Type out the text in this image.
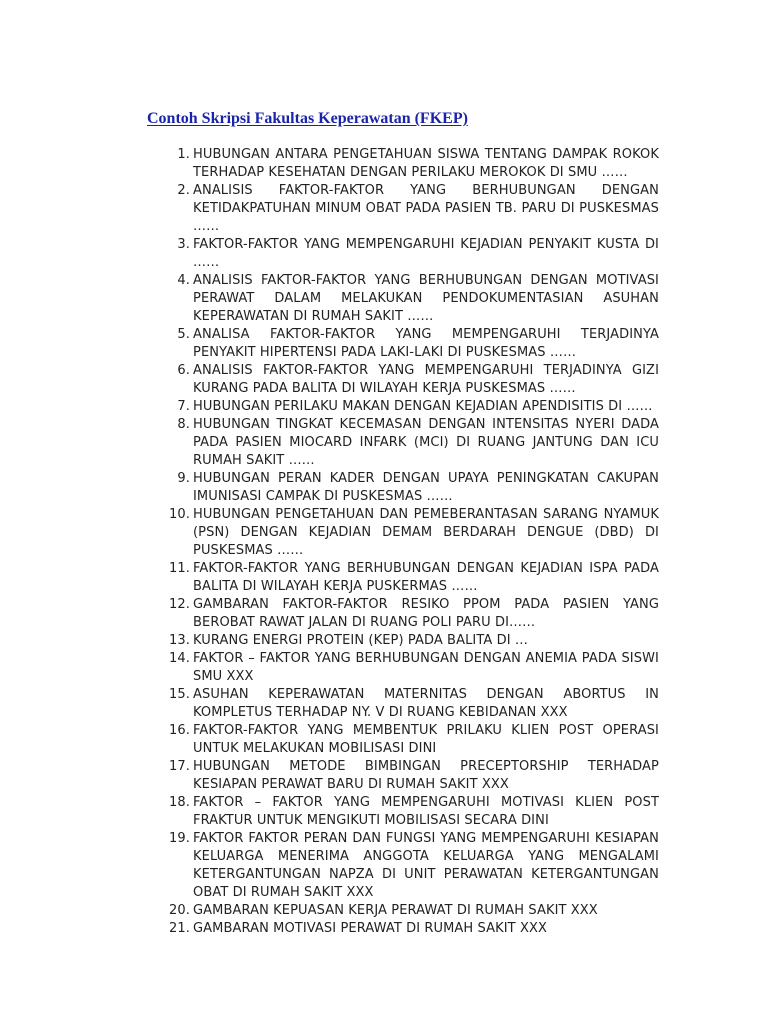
Contoh Skripsi Fakultas Keperawatan (FKEP)
1. HUBUNGAN ANTARA PENGETAHUAN SISWA TENTANG DAMPAK ROKOK TERHADAP KESEHATAN DENGAN PERILAKU MEROKOK DI SMU ……
2. ANALISIS FAKTOR-FAKTOR YANG BERHUBUNGAN DENGAN KETIDAKPATUHAN MINUM OBAT PADA PASIEN TB. PARU DI PUSKESMAS ……
3. FAKTOR-FAKTOR YANG MEMPENGARUHI KEJADIAN PENYAKIT KUSTA DI ……
4. ANALISIS FAKTOR-FAKTOR YANG BERHUBUNGAN DENGAN MOTIVASI PERAWAT DALAM MELAKUKAN PENDOKUMENTASIAN ASUHAN KEPERAWATAN DI RUMAH SAKIT ……
5. ANALISA FAKTOR-FAKTOR YANG MEMPENGARUHI TERJADINYA PENYAKIT HIPERTENSI PADA LAKI-LAKI DI PUSKESMAS ……
6. ANALISIS FAKTOR-FAKTOR YANG MEMPENGARUHI TERJADINYA GIZI KURANG PADA BALITA DI WILAYAH KERJA PUSKESMAS ……
7. HUBUNGAN PERILAKU MAKAN DENGAN KEJADIAN APENDISITIS DI ……
8. HUBUNGAN TINGKAT KECEMASAN DENGAN INTENSITAS NYERI DADA PADA PASIEN MIOCARD INFARK (MCI) DI RUANG JANTUNG DAN ICU RUMAH SAKIT ……
9. HUBUNGAN PERAN KADER DENGAN UPAYA PENINGKATAN CAKUPAN IMUNISASI CAMPAK DI PUSKESMAS ……
10. HUBUNGAN PENGETAHUAN DAN PEMEBERANTASAN SARANG NYAMUK (PSN) DENGAN KEJADIAN DEMAM BERDARAH DENGUE (DBD) DI PUSKESMAS ……
11. FAKTOR-FAKTOR YANG BERHUBUNGAN DENGAN KEJADIAN ISPA PADA BALITA DI WILAYAH KERJA PUSKERMAS ……
12. GAMBARAN FAKTOR-FAKTOR RESIKO PPOM PADA PASIEN YANG BEROBAT RAWAT JALAN DI RUANG POLI PARU DI……
13. KURANG ENERGI PROTEIN (KEP) PADA BALITA DI …
14. FAKTOR – FAKTOR YANG BERHUBUNGAN DENGAN ANEMIA PADA SISWI SMU XXX
15. ASUHAN KEPERAWATAN MATERNITAS DENGAN ABORTUS IN KOMPLETUS TERHADAP NY. V DI RUANG KEBIDANAN XXX
16. FAKTOR-FAKTOR YANG MEMBENTUK PRILAKU KLIEN POST OPERASI UNTUK MELAKUKAN MOBILISASI DINI
17. HUBUNGAN METODE BIMBINGAN PRECEPTORSHIP TERHADAP KESIAPAN PERAWAT BARU DI RUMAH SAKIT XXX
18. FAKTOR – FAKTOR YANG MEMPENGARUHI MOTIVASI KLIEN POST FRAKTUR UNTUK MENGIKUTI MOBILISASI SECARA DINI
19. FAKTOR FAKTOR PERAN DAN FUNGSI YANG MEMPENGARUHI KESIAPAN KELUARGA MENERIMA ANGGOTA KELUARGA YANG MENGALAMI KETERGANTUNGAN NAPZA DI UNIT PERAWATAN KETERGANTUNGAN OBAT DI RUMAH SAKIT XXX
20. GAMBARAN KEPUASAN KERJA PERAWAT DI RUMAH SAKIT XXX
21. GAMBARAN MOTIVASI PERAWAT DI RUMAH SAKIT XXX
